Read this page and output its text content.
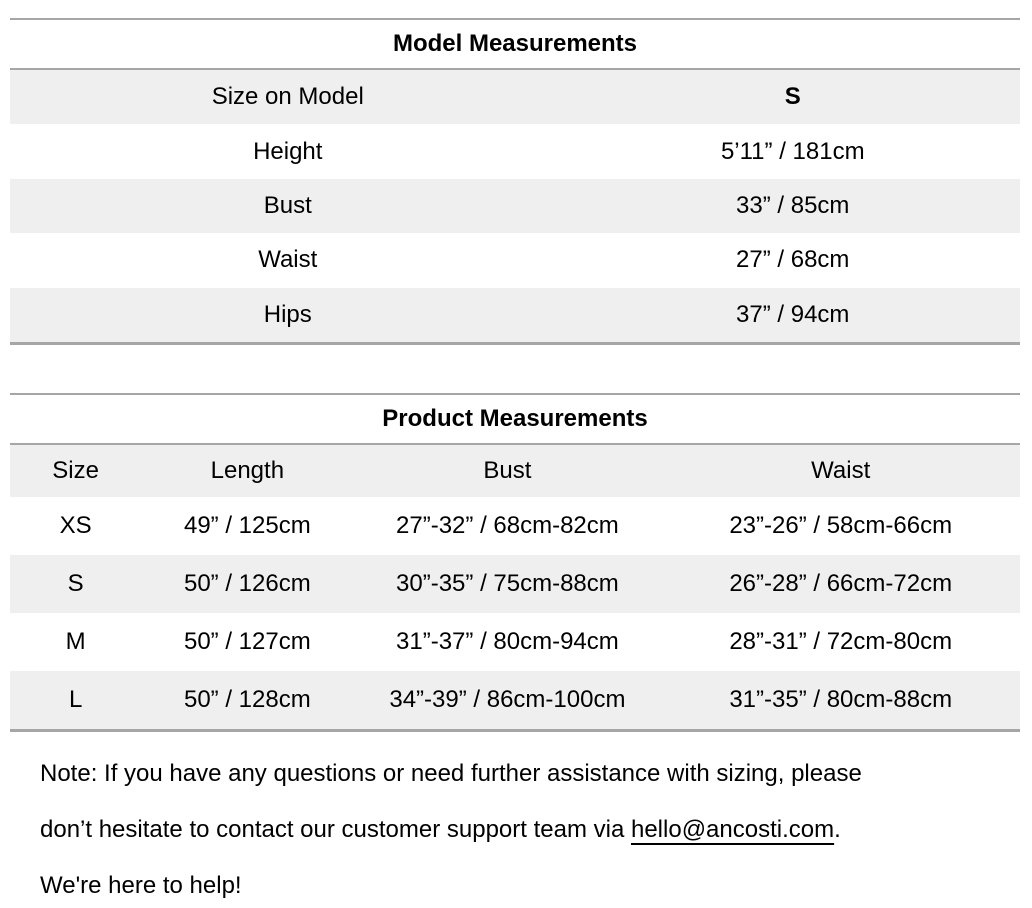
Model Measurements
Size on Model	S
Height	5’11” / 181cm
Bust	33” / 85cm
Waist	27” / 68cm
Hips	37” / 94cm
Product Measurements
Size	Length	Bust	Waist
XS	49” / 125cm	27”-32” / 68cm-82cm	23”-26” / 58cm-66cm
S	50” / 126cm	30”-35” / 75cm-88cm	26”-28” / 66cm-72cm
M	50” / 127cm	31”-37” / 80cm-94cm	28”-31” / 72cm-80cm
L	50” / 128cm	34”-39” / 86cm-100cm	31”-35” / 80cm-88cm

Note: If you have any questions or need further assistance with sizing, please

don’t hesitate to contact our customer support team via hello@ancosti.com.

We're here to help!
